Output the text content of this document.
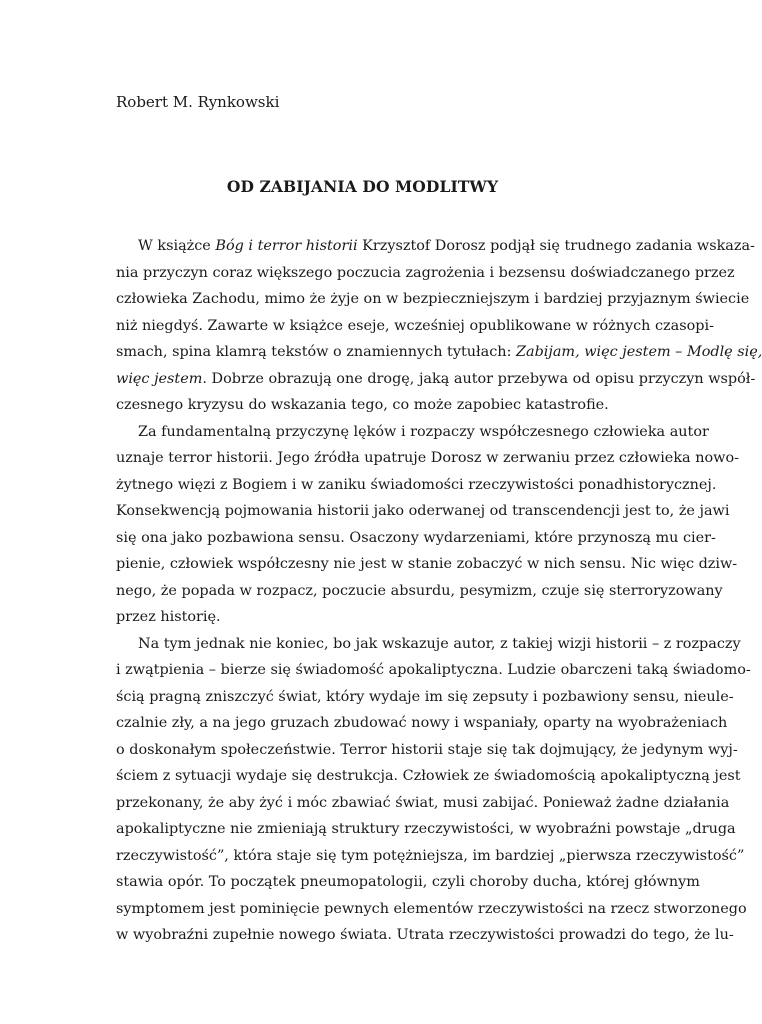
Robert M. Rynkowski

OD ZABIJANIA DO MODLITWY
W książce Bóg i terror historii Krzysztof Dorosz podjął się trudnego zadania wskaza-
nia przyczyn coraz większego poczucia zagrożenia i bezsensu doświadczanego przez
człowieka Zachodu, mimo że żyje on w bezpieczniejszym i bardziej przyjaznym świecie
niż niegdyś. Zawarte w książce eseje, wcześniej opublikowane w różnych czasopi-
smach, spina klamrą tekstów o znamiennych tytułach: Zabijam, więc jestem – Modlę się,
więc jestem. Dobrze obrazują one drogę, jaką autor przebywa od opisu przyczyn współ-
czesnego kryzysu do wskazania tego, co może zapobiec katastrofie.
Za fundamentalną przyczynę lęków i rozpaczy współczesnego człowieka autor
uznaje terror historii. Jego źródła upatruje Dorosz w zerwaniu przez człowieka nowo-
żytnego więzi z Bogiem i w zaniku świadomości rzeczywistości ponadhistorycznej.
Konsekwencją pojmowania historii jako oderwanej od transcendencji jest to, że jawi
się ona jako pozbawiona sensu. Osaczony wydarzeniami, które przynoszą mu cier-
pienie, człowiek współczesny nie jest w stanie zobaczyć w nich sensu. Nic więc dziw-
nego, że popada w rozpacz, poczucie absurdu, pesymizm, czuje się sterroryzowany
przez historię.
Na tym jednak nie koniec, bo jak wskazuje autor, z takiej wizji historii – z rozpaczy
i zwątpienia – bierze się świadomość apokaliptyczna. Ludzie obarczeni taką świadomo-
ścią pragną zniszczyć świat, który wydaje im się zepsuty i pozbawiony sensu, nieule-
czalnie zły, a na jego gruzach zbudować nowy i wspaniały, oparty na wyobrażeniach
o doskonałym społeczeństwie. Terror historii staje się tak dojmujący, że jedynym wyj-
ściem z sytuacji wydaje się destrukcja. Człowiek ze świadomością apokaliptyczną jest
przekonany, że aby żyć i móc zbawiać świat, musi zabijać. Ponieważ żadne działania
apokaliptyczne nie zmieniają struktury rzeczywistości, w wyobraźni powstaje „druga
rzeczywistość”, która staje się tym potężniejsza, im bardziej „pierwsza rzeczywistość”
stawia opór. To początek pneumopatologii, czyli choroby ducha, której głównym
symptomem jest pominięcie pewnych elementów rzeczywistości na rzecz stworzonego
w wyobraźni zupełnie nowego świata. Utrata rzeczywistości prowadzi do tego, że lu-
